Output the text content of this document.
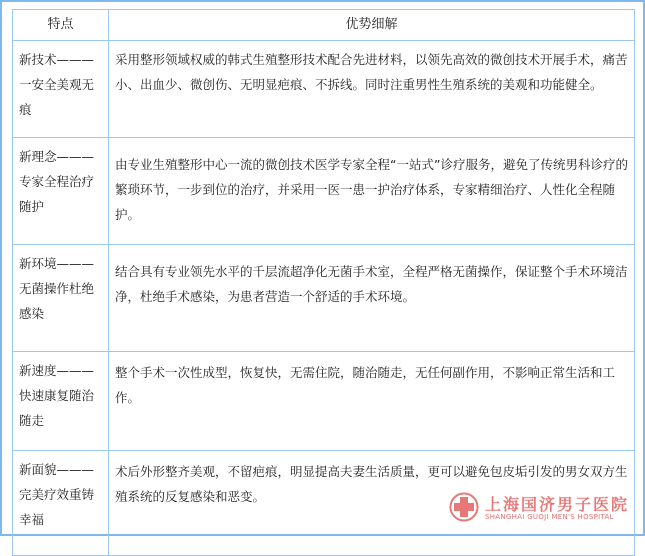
特点	优势细解
新技术———一安全美观无痕	采用整形领域权威的韩式生殖整形技术配合先进材料，以领先高效的微创技术开展手术，痛苦小、出血少、微创伤、无明显疤痕、不拆线。同时注重男性生殖系统的美观和功能健全。
新理念———专家全程治疗随护	由专业生殖整形中心一流的微创技术医学专家全程“一站式”诊疗服务，避免了传统男科诊疗的繁琐环节，一步到位的治疗，并采用一医一患一护治疗体系，专家精细治疗、人性化全程随护。
新环境———无菌操作杜绝感染	结合具有专业领先水平的千层流超净化无菌手术室，全程严格无菌操作，保证整个手术环境洁净，杜绝手术感染，为患者营造一个舒适的手术环境。
新速度———快速康复随治随走	整个手术一次性成型，恢复快，无需住院，随治随走，无任何副作用，不影响正常生活和工作。
新面貌———完美疗效重铸幸福	术后外形整齐美观，不留疤痕，明显提高夫妻生活质量，更可以避免包皮垢引发的男女双方生殖系统的反复感染和恶变。	上海国济男子医院
SHANGHAI GUOJI MEN'S HOSPITAL
